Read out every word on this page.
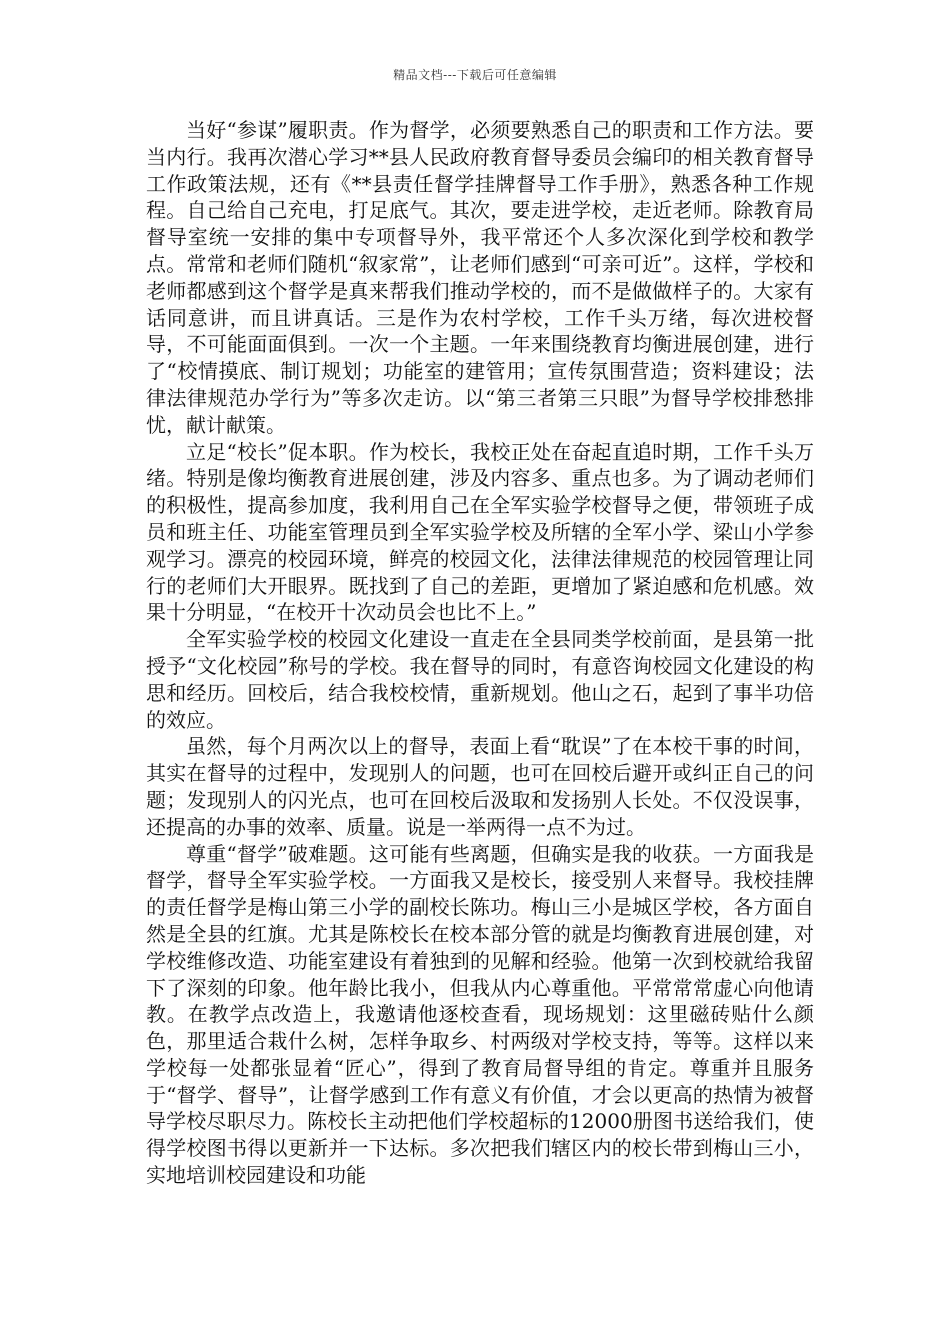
精品文档---下载后可任意编辑

当好“参谋”履职责。作为督学，必须要熟悉自己的职责和工作方法。要当内行。我再次潜心学习**县人民政府教育督导委员会编印的相关教育督导工作政策法规，还有《**县责任督学挂牌督导工作手册》，熟悉各种工作规程。自己给自己充电，打足底气。其次，要走进学校，走近老师。除教育局督导室统一安排的集中专项督导外，我平常还个人多次深化到学校和教学点。常常和老师们随机“叙家常”，让老师们感到“可亲可近”。这样，学校和老师都感到这个督学是真来帮我们推动学校的，而不是做做样子的。大家有话同意讲，而且讲真话。三是作为农村学校，工作千头万绪，每次进校督导，不可能面面俱到。一次一个主题。一年来围绕教育均衡进展创建，进行了“校情摸底、制订规划；功能室的建管用；宣传氛围营造；资料建设；法律法律规范办学行为”等多次走访。以“第三者第三只眼”为督导学校排愁排忧，献计献策。

立足“校长”促本职。作为校长，我校正处在奋起直追时期，工作千头万绪。特别是像均衡教育进展创建，涉及内容多、重点也多。为了调动老师们的积极性，提高参加度，我利用自己在全军实验学校督导之便，带领班子成员和班主任、功能室管理员到全军实验学校及所辖的全军小学、梁山小学参观学习。漂亮的校园环境，鲜亮的校园文化，法律法律规范的校园管理让同行的老师们大开眼界。既找到了自己的差距，更增加了紧迫感和危机感。效果十分明显，“在校开十次动员会也比不上。”

全军实验学校的校园文化建设一直走在全县同类学校前面，是县第一批授予“文化校园”称号的学校。我在督导的同时，有意咨询校园文化建设的构思和经历。回校后，结合我校校情，重新规划。他山之石，起到了事半功倍的效应。

虽然，每个月两次以上的督导，表面上看“耽误”了在本校干事的时间，其实在督导的过程中，发现别人的问题，也可在回校后避开或纠正自己的问题；发现别人的闪光点，也可在回校后汲取和发扬别人长处。不仅没误事，还提高的办事的效率、质量。说是一举两得一点不为过。

尊重“督学”破难题。这可能有些离题，但确实是我的收获。一方面我是督学，督导全军实验学校。一方面我又是校长，接受别人来督导。我校挂牌的责任督学是梅山第三小学的副校长陈功。梅山三小是城区学校，各方面自然是全县的红旗。尤其是陈校长在校本部分管的就是均衡教育进展创建，对学校维修改造、功能室建设有着独到的见解和经验。他第一次到校就给我留下了深刻的印象。他年龄比我小，但我从内心尊重他。平常常常虚心向他请教。在教学点改造上，我邀请他逐校查看，现场规划：这里磁砖贴什么颜色，那里适合栽什么树，怎样争取乡、村两级对学校支持，等等。这样以来学校每一处都张显着“匠心”，得到了教育局督导组的肯定。尊重并且服务于“督学、督导”，让督学感到工作有意义有价值，才会以更高的热情为被督导学校尽职尽力。陈校长主动把他们学校超标的12000册图书送给我们，使得学校图书得以更新并一下达标。多次把我们辖区内的校长带到梅山三小，实地培训校园建设和功能
